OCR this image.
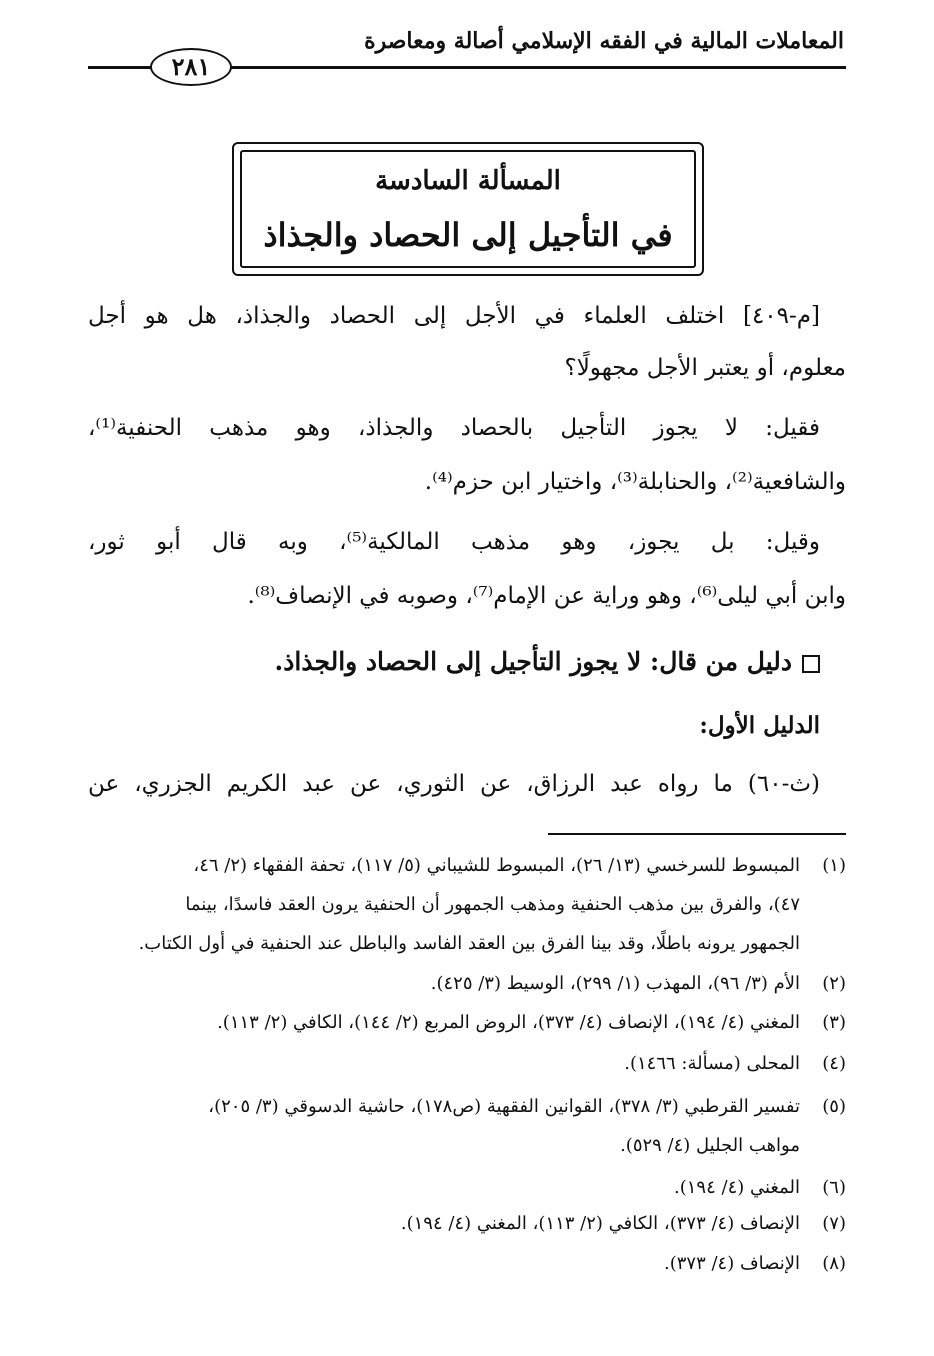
المعاملات المالية في الفقه الإسلامي أصالة ومعاصرة
٢٨١
المسألة السادسة
في التأجيل إلى الحصاد والجذاذ
[م-٤٠٩] اختلف العلماء في الأجل إلى الحصاد والجذاذ، هل هو أجل
معلوم، أو يعتبر الأجل مجهولًا؟
فقيل: لا يجوز التأجيل بالحصاد والجذاذ، وهو مذهب الحنفية⁽¹⁾،
والشافعية⁽²⁾، والحنابلة⁽³⁾، واختيار ابن حزم⁽⁴⁾.
وقيل: بل يجوز، وهو مذهب المالكية⁽⁵⁾، وبه قال أبو ثور،
وابن أبي ليلى⁽⁶⁾، وهو وراية عن الإمام⁽⁷⁾، وصوبه في الإنصاف⁽⁸⁾.
دليل من قال: لا يجوز التأجيل إلى الحصاد والجذاذ.
الدليل الأول:
(ث-٦٠) ما رواه عبد الرزاق، عن الثوري، عن عبد الكريم الجزري، عن
(١)
المبسوط للسرخسي (١٣/ ٢٦)، المبسوط للشيباني (٥/ ١١٧)، تحفة الفقهاء (٢/ ٤٦،
٤٧)، والفرق بين مذهب الحنفية ومذهب الجمهور أن الحنفية يرون العقد فاسدًا، بينما
الجمهور يرونه باطلًا، وقد بينا الفرق بين العقد الفاسد والباطل عند الحنفية في أول الكتاب.
(٢)
الأم (٣/ ٩٦)، المهذب (١/ ٢٩٩)، الوسيط (٣/ ٤٢٥).
(٣)
المغني (٤/ ١٩٤)، الإنصاف (٤/ ٣٧٣)، الروض المربع (٢/ ١٤٤)، الكافي (٢/ ١١٣).
(٤)
المحلى (مسألة: ١٤٦٦).
(٥)
تفسير القرطبي (٣/ ٣٧٨)، القوانين الفقهية (ص١٧٨)، حاشية الدسوقي (٣/ ٢٠٥)،
مواهب الجليل (٤/ ٥٢٩).
(٦)
المغني (٤/ ١٩٤).
(٧)
الإنصاف (٤/ ٣٧٣)، الكافي (٢/ ١١٣)، المغني (٤/ ١٩٤).
(٨)
الإنصاف (٤/ ٣٧٣).
